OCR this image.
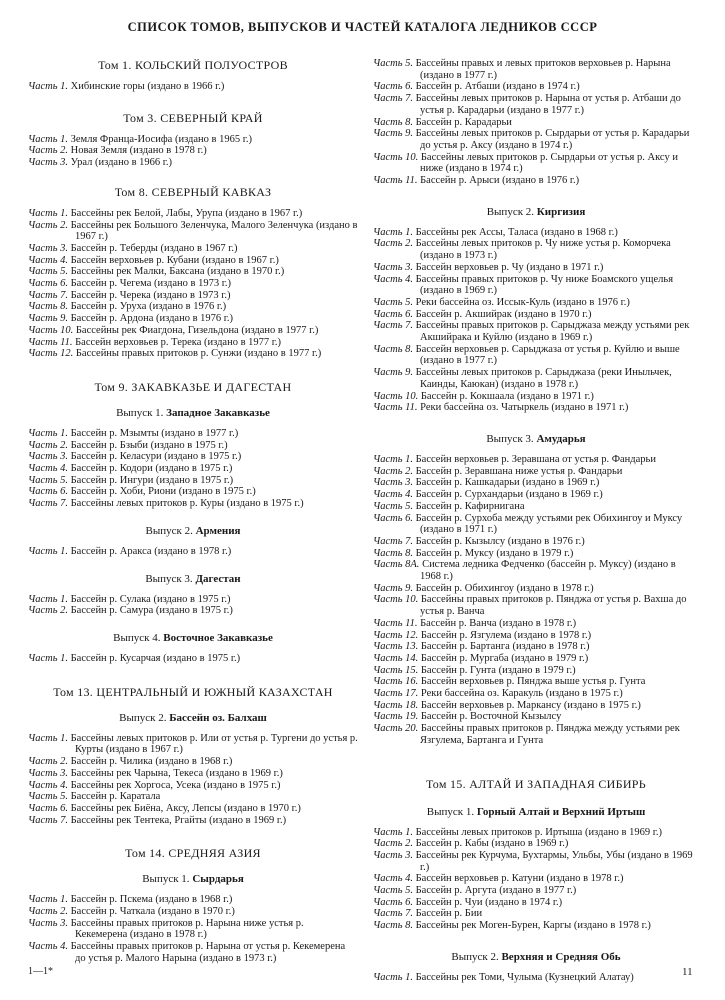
СПИСОК ТОМОВ, ВЫПУСКОВ И ЧАСТЕЙ КАТАЛОГА ЛЕДНИКОВ СССР
Том 1. КОЛЬСКИЙ ПОЛУОСТРОВ
Часть 1. Хибинские горы (издано в 1966 г.)
Том 3. СЕВЕРНЫЙ КРАЙ
Часть 1. Земля Франца-Иосифа (издано в 1965 г.)
Часть 2. Новая Земля (издано в 1978 г.)
Часть 3. Урал (издано в 1966 г.)
Том 8. СЕВЕРНЫЙ КАВКАЗ
Часть 1. Бассейны рек Белой, Лабы, Урупа (издано в 1967 г.)
Часть 2. Бассейны рек Большого Зеленчука, Малого Зеленчука (издано в 1967 г.)
Часть 3. Бассейн р. Теберды (издано в 1967 г.)
Часть 4. Бассейн верховьев р. Кубани (издано в 1967 г.)
Часть 5. Бассейны рек Малки, Баксана (издано в 1970 г.)
Часть 6. Бассейн р. Чегема (издано в 1973 г.)
Часть 7. Бассейн р. Черека (издано в 1973 г.)
Часть 8. Бассейн р. Уруха (издано в 1976 г.)
Часть 9. Бассейн р. Ардона (издано в 1976 г.)
Часть 10. Бассейны рек Фиагдона, Гизельдона (издано в 1977 г.)
Часть 11. Бассейн верховьев р. Терека (издано в 1977 г.)
Часть 12. Бассейны правых притоков р. Сунжи (издано в 1977 г.)
Том 9. ЗАКАВКАЗЬЕ И ДАГЕСТАН
Выпуск 1. Западное Закавказье
Часть 1. Бассейн р. Мзымты (издано в 1977 г.)
Часть 2. Бассейн р. Бзыби (издано в 1975 г.)
Часть 3. Бассейн р. Келасури (издано в 1975 г.)
Часть 4. Бассейн р. Кодори (издано в 1975 г.)
Часть 5. Бассейн р. Ингури (издано в 1975 г.)
Часть 6. Бассейн р. Хоби, Риони (издано в 1975 г.)
Часть 7. Бассейны левых притоков р. Куры (издано в 1975 г.)
Выпуск 2. Армения
Часть 1. Бассейн р. Аракса (издано в 1978 г.)
Выпуск 3. Дагестан
Часть 1. Бассейн р. Сулака (издано в 1975 г.)
Часть 2. Бассейн р. Самура (издано в 1975 г.)
Выпуск 4. Восточное Закавказье
Часть 1. Бассейн р. Кусарчая (издано в 1975 г.)
Том 13. ЦЕНТРАЛЬНЫЙ И ЮЖНЫЙ КАЗАХСТАН
Выпуск 2. Бассейн оз. Балхаш
Часть 1. Бассейны левых притоков р. Или от устья р. Тургени до устья р. Курты (издано в 1967 г.)
Часть 2. Бассейн р. Чилика (издано в 1968 г.)
Часть 3. Бассейны рек Чарына, Текеса (издано в 1969 г.)
Часть 4. Бассейны рек Хоргоса, Усека (издано в 1975 г.)
Часть 5. Бассейн р. Каратала
Часть 6. Бассейны рек Биёна, Аксу, Лепсы (издано в 1970 г.)
Часть 7. Бассейны рек Тентека, Ргайты (издано в 1969 г.)
Том 14. СРЕДНЯЯ АЗИЯ
Выпуск 1. Сырдарья
Часть 1. Бассейн р. Пскема (издано в 1968 г.)
Часть 2. Бассейн р. Чаткала (издано в 1970 г.)
Часть 3. Бассейны правых притоков р. Нарына ниже устья р. Кекемерена (издано в 1978 г.)
Часть 4. Бассейны правых притоков р. Нарына от устья р. Кекемерена до устья р. Малого Нарына (издано в 1973 г.)
Часть 5. Бассейны правых и левых притоков верховьев р. Нарына (издано в 1977 г.)
Часть 6. Бассейн р. Атбаши (издано в 1974 г.)
Часть 7. Бассейны левых притоков р. Нарына от устья р. Атбаши до устья р. Карадарьи (издано в 1977 г.)
Часть 8. Бассейн р. Карадарьи
Часть 9. Бассейны левых притоков р. Сырдарьи от устья р. Карадарьи до устья р. Аксу (издано в 1974 г.)
Часть 10. Бассейны левых притоков р. Сырдарьи от устья р. Аксу и ниже (издано в 1974 г.)
Часть 11. Бассейн р. Арыси (издано в 1976 г.)
Выпуск 2. Киргизия
Часть 1. Бассейны рек Ассы, Таласа (издано в 1968 г.)
Часть 2. Бассейны левых притоков р. Чу ниже устья р. Коморчека (издано в 1973 г.)
Часть 3. Бассейн верховьев р. Чу (издано в 1971 г.)
Часть 4. Бассейны правых притоков р. Чу ниже Боамского ущелья (издано в 1969 г.)
Часть 5. Реки бассейна оз. Иссык-Куль (издано в 1976 г.)
Часть 6. Бассейн р. Акшийрак (издано в 1970 г.)
Часть 7. Бассейны правых притоков р. Сарыджаза между устьями рек Акшийрака и Куйлю (издано в 1969 г.)
Часть 8. Бассейн верховьев р. Сарыджаза от устья р. Куйлю и выше (издано в 1977 г.)
Часть 9. Бассейны левых притоков р. Сарыджаза (реки Иныльчек, Каинды, Каюкан) (издано в 1978 г.)
Часть 10. Бассейн р. Кокшаала (издано в 1971 г.)
Часть 11. Реки бассейна оз. Чатыркель (издано в 1971 г.)
Выпуск 3. Амударья
Часть 1. Бассейн верховьев р. Зеравшана от устья р. Фандарьи
Часть 2. Бассейн р. Зеравшана ниже устья р. Фандарьи
Часть 3. Бассейн р. Кашкадарьи (издано в 1969 г.)
Часть 4. Бассейн р. Сурхандарьи (издано в 1969 г.)
Часть 5. Бассейн р. Кафирнигана
Часть 6. Бассейн р. Сурхоба между устьями рек Обихингоу и Муксу (издано в 1971 г.)
Часть 7. Бассейн р. Кызылсу (издано в 1976 г.)
Часть 8. Бассейн р. Муксу (издано в 1979 г.)
Часть 8А. Система ледника Федченко (бассейн р. Муксу) (издано в 1968 г.)
Часть 9. Бассейн р. Обихингоу (издано в 1978 г.)
Часть 10. Бассейны правых притоков р. Пянджа от устья р. Вахша до устья р. Ванча
Часть 11. Бассейн р. Ванча (издано в 1978 г.)
Часть 12. Бассейн р. Язгулема (издано в 1978 г.)
Часть 13. Бассейн р. Бартанга (издано в 1978 г.)
Часть 14. Бассейн р. Мургаба (издано в 1979 г.)
Часть 15. Бассейн р. Гунта (издано в 1979 г.)
Часть 16. Бассейн верховьев р. Пянджа выше устья р. Гунта
Часть 17. Реки бассейна оз. Каракуль (издано в 1975 г.)
Часть 18. Бассейн верховьев р. Маркансу (издано в 1975 г.)
Часть 19. Бассейн р. Восточной Кызылсу
Часть 20. Бассейны правых притоков р. Пянджа между устьями рек Язгулема, Бартанга и Гунта
Том 15. АЛТАЙ И ЗАПАДНАЯ СИБИРЬ
Выпуск 1. Горный Алтай и Верхний Иртыш
Часть 1. Бассейны левых притоков р. Иртыша (издано в 1969 г.)
Часть 2. Бассейн р. Кабы (издано в 1969 г.)
Часть 3. Бассейны рек Курчума, Бухтармы, Ульбы, Убы (издано в 1969 г.)
Часть 4. Бассейн верховьев р. Катуни (издано в 1978 г.)
Часть 5. Бассейн р. Аргута (издано в 1977 г.)
Часть 6. Бассейн р. Чуи (издано в 1974 г.)
Часть 7. Бассейн р. Бии
Часть 8. Бассейны рек Моген-Бурен, Каргы (издано в 1978 г.)
Выпуск 2. Верхняя и Средняя Обь
Часть 1. Бассейны рек Томи, Чулыма (Кузнецкий Алатау)
1—1*	11
